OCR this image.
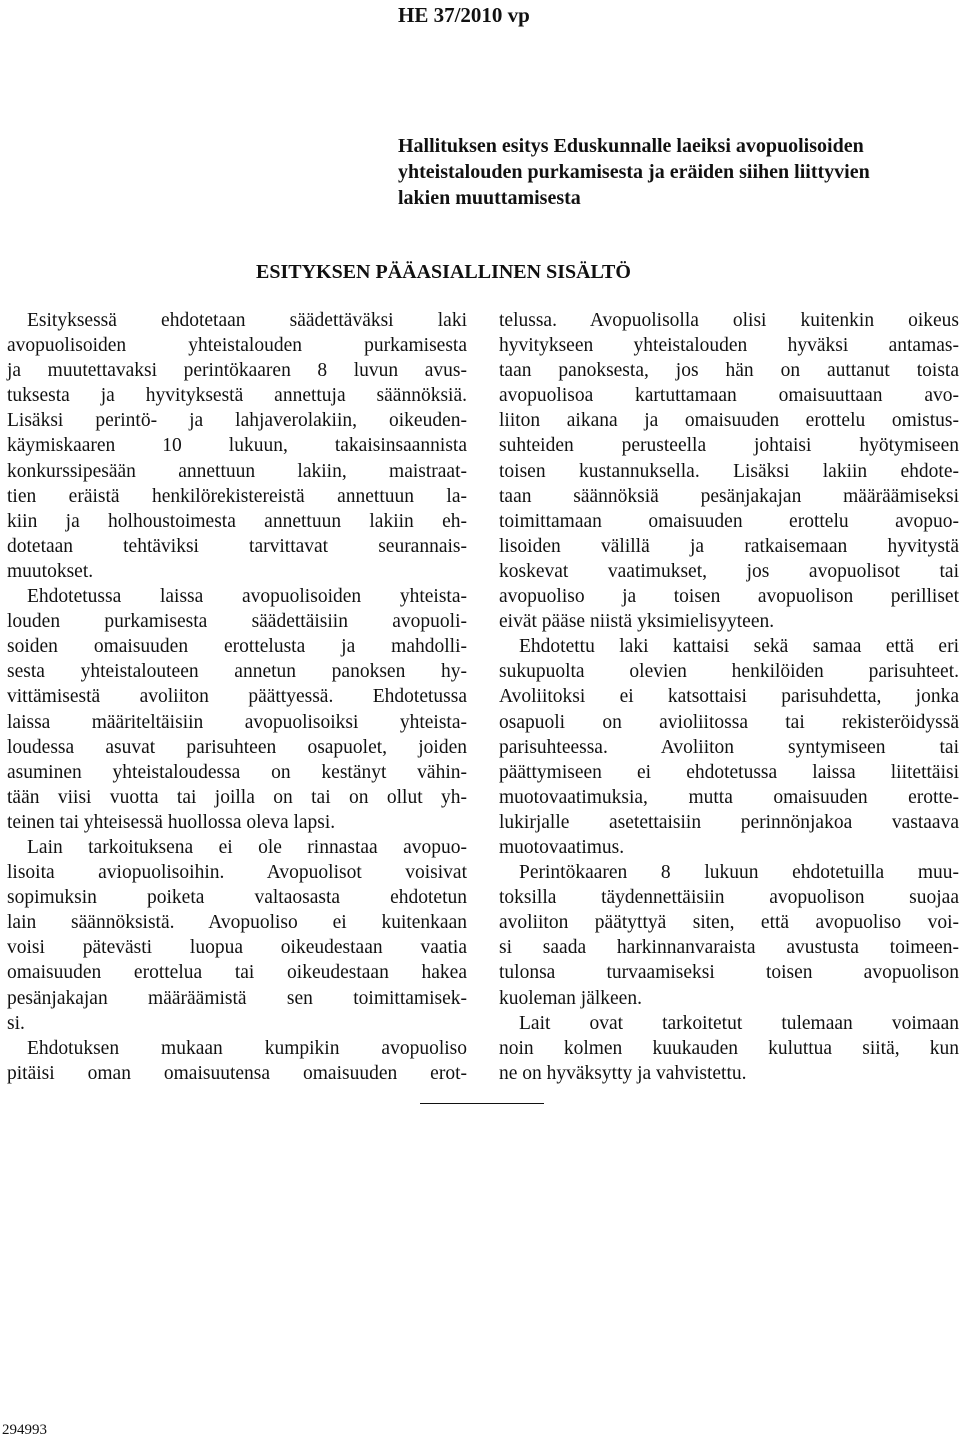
HE 37/2010 vp
Hallituksen esitys Eduskunnalle laeiksi avopuolisoiden
yhteistalouden purkamisesta ja eräiden siihen liittyvien
lakien muuttamisesta
ESITYKSEN PÄÄASIALLINEN SISÄLTÖ
Esityksessä ehdotetaan säädettäväksi laki
avopuolisoiden yhteistalouden purkamisesta
ja muutettavaksi perintökaaren 8 luvun avus-
tuksesta ja hyvityksestä annettuja säännöksiä.
Lisäksi perintö- ja lahjaverolakiin, oikeuden-
käymiskaaren 10 lukuun, takaisinsaannista
konkurssipesään annettuun lakiin, maistraat-
tien eräistä henkilörekistereistä annettuun la-
kiin ja holhoustoimesta annettuun lakiin eh-
dotetaan tehtäviksi tarvittavat seurannais-
muutokset.
Ehdotetussa laissa avopuolisoiden yhteista-
louden purkamisesta säädettäisiin avopuoli-
soiden omaisuuden erottelusta ja mahdolli-
sesta yhteistalouteen annetun panoksen hy-
vittämisestä avoliiton päättyessä. Ehdotetussa
laissa määriteltäisiin avopuolisoiksi yhteista-
loudessa asuvat parisuhteen osapuolet, joiden
asuminen yhteistaloudessa on kestänyt vähin-
tään viisi vuotta tai joilla on tai on ollut yh-
teinen tai yhteisessä huollossa oleva lapsi.
Lain tarkoituksena ei ole rinnastaa avopuo-
lisoita aviopuolisoihin. Avopuolisot voisivat
sopimuksin poiketa valtaosasta ehdotetun
lain säännöksistä. Avopuoliso ei kuitenkaan
voisi pätevästi luopua oikeudestaan vaatia
omaisuuden erottelua tai oikeudestaan hakea
pesänjakajan määräämistä sen toimittamisek-
si.
Ehdotuksen mukaan kumpikin avopuoliso
pitäisi oman omaisuutensa omaisuuden erot-
telussa. Avopuolisolla olisi kuitenkin oikeus
hyvitykseen yhteistalouden hyväksi antamas-
taan panoksesta, jos hän on auttanut toista
avopuolisoa kartuttamaan omaisuuttaan avo-
liiton aikana ja omaisuuden erottelu omistus-
suhteiden perusteella johtaisi hyötymiseen
toisen kustannuksella. Lisäksi lakiin ehdote-
taan säännöksiä pesänjakajan määräämiseksi
toimittamaan omaisuuden erottelu avopuo-
lisoiden välillä ja ratkaisemaan hyvitystä
koskevat vaatimukset, jos avopuolisot tai
avopuoliso ja toisen avopuolison perilliset
eivät pääse niistä yksimielisyyteen.
Ehdotettu laki kattaisi sekä samaa että eri
sukupuolta olevien henkilöiden parisuhteet.
Avoliitoksi ei katsottaisi parisuhdetta, jonka
osapuoli on avioliitossa tai rekisteröidyssä
parisuhteessa. Avoliiton syntymiseen tai
päättymiseen ei ehdotetussa laissa liitettäisi
muotovaatimuksia, mutta omaisuuden erotte-
lukirjalle asetettaisiin perinnönjakoa vastaava
muotovaatimus.
Perintökaaren 8 lukuun ehdotetuilla muu-
toksilla täydennettäisiin avopuolison suojaa
avoliiton päätyttyä siten, että avopuoliso voi-
si saada harkinnanvaraista avustusta toimeen-
tulonsa turvaamiseksi toisen avopuolison
kuoleman jälkeen.
Lait ovat tarkoitetut tulemaan voimaan
noin kolmen kuukauden kuluttua siitä, kun
ne on hyväksytty ja vahvistettu.
294993
